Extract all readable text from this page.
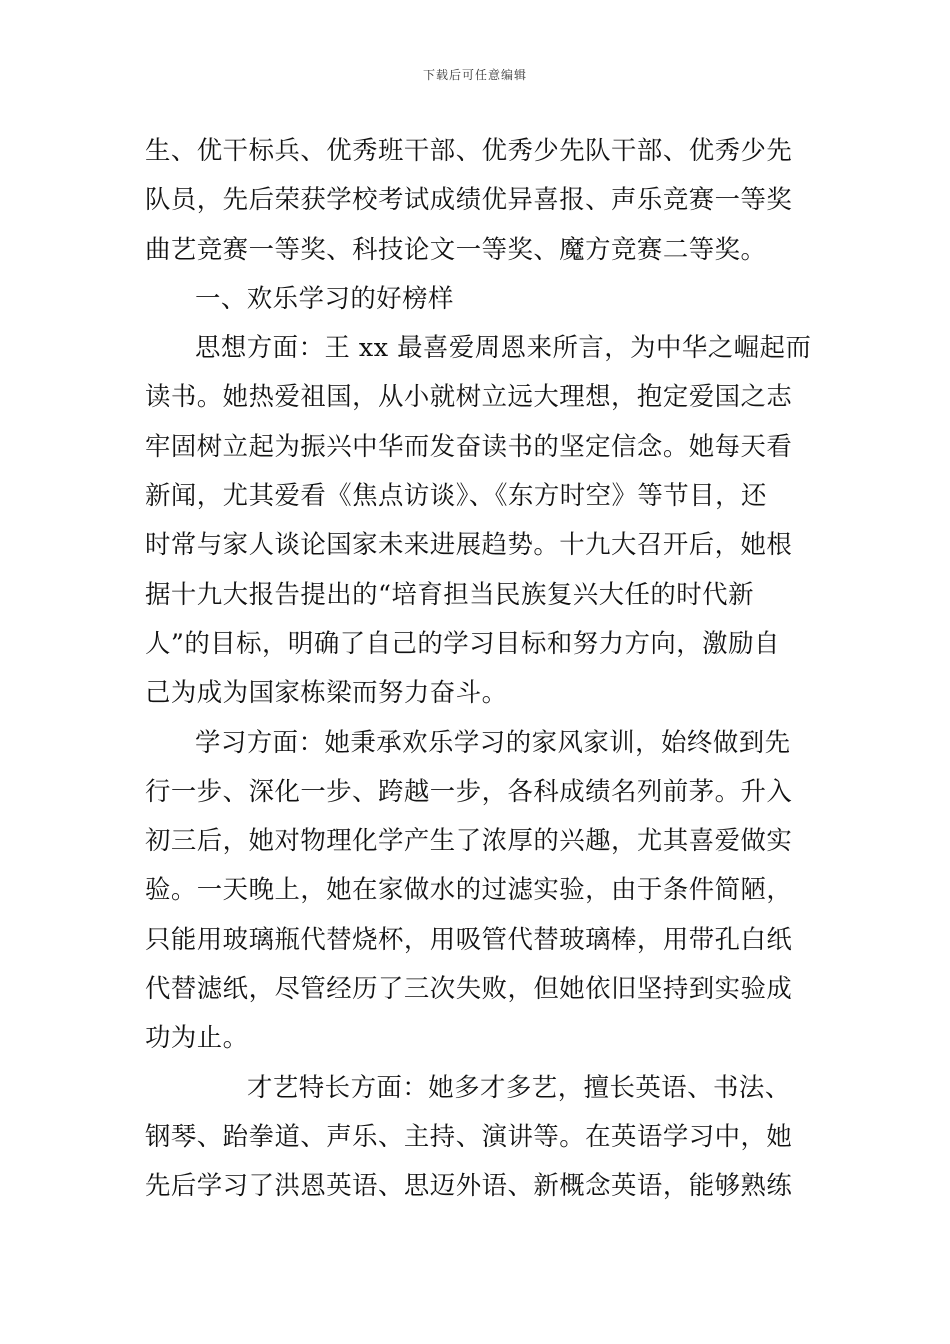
下载后可任意编辑
生、优干标兵、优秀班干部、优秀少先队干部、优秀少先
队员，先后荣获学校考试成绩优异喜报、声乐竞赛一等奖
曲艺竞赛一等奖、科技论文一等奖、魔方竞赛二等奖。
一、欢乐学习的好榜样
思想方面：王 xx 最喜爱周恩来所言，为中华之崛起而
读书。她热爱祖国，从小就树立远大理想，抱定爱国之志
牢固树立起为振兴中华而发奋读书的坚定信念。她每天看
新闻，尤其爱看《焦点访谈》、《东方时空》等节目，还
时常与家人谈论国家未来进展趋势。十九大召开后，她根
据十九大报告提出的“培育担当民族复兴大任的时代新
人”的目标，明确了自己的学习目标和努力方向，激励自
己为成为国家栋梁而努力奋斗。
学习方面：她秉承欢乐学习的家风家训，始终做到先
行一步、深化一步、跨越一步，各科成绩名列前茅。升入
初三后，她对物理化学产生了浓厚的兴趣，尤其喜爱做实
验。一天晚上，她在家做水的过滤实验，由于条件简陋，
只能用玻璃瓶代替烧杯，用吸管代替玻璃棒，用带孔白纸
代替滤纸，尽管经历了三次失败，但她依旧坚持到实验成
功为止。
才艺特长方面：她多才多艺，擅长英语、书法、
钢琴、跆拳道、声乐、主持、演讲等。在英语学习中，她
先后学习了洪恩英语、思迈外语、新概念英语，能够熟练
